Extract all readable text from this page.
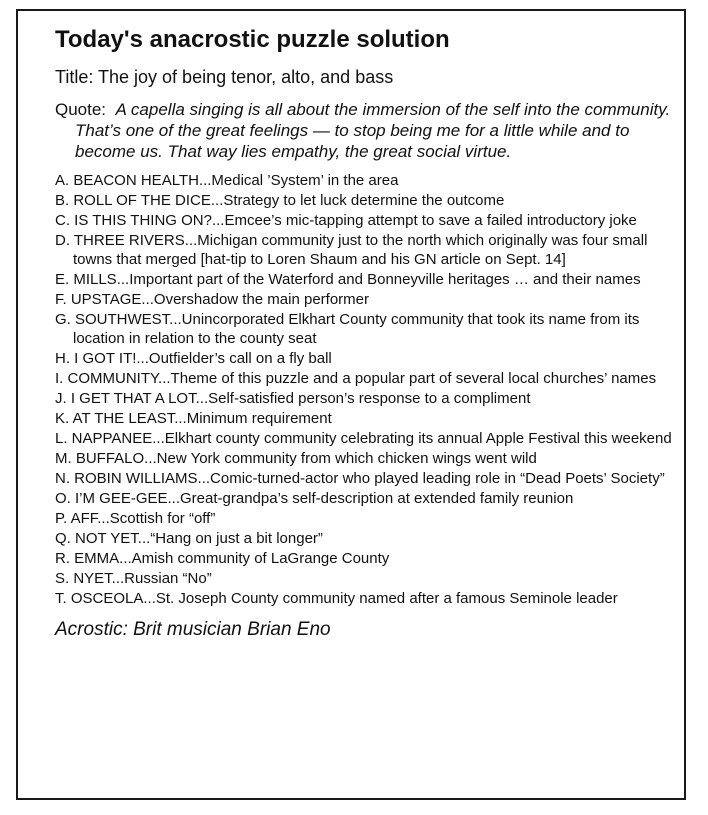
Today's anacrostic puzzle solution
Title: The joy of being tenor, alto, and bass
Quote: A capella singing is all about the immersion of the self into the community. That’s one of the great feelings — to stop being me for a little while and to become us. That way lies empathy, the great social virtue.
A. BEACON HEALTH...Medical ’System’ in the area
B. ROLL OF THE DICE...Strategy to let luck determine the outcome
C. IS THIS THING ON?...Emcee’s mic-tapping attempt to save a failed introductory joke
D. THREE RIVERS...Michigan community just to the north which originally was four small towns that merged [hat-tip to Loren Shaum and his GN article on Sept. 14]
E. MILLS...Important part of the Waterford and Bonneyville heritages … and their names
F. UPSTAGE...Overshadow the main performer
G. SOUTHWEST...Unincorporated Elkhart County community that took its name from its location in relation to the county seat
H. I GOT IT!...Outfielder’s call on a fly ball
I. COMMUNITY...Theme of this puzzle and a popular part of several local churches’ names
J. I GET THAT A LOT...Self-satisfied person’s response to a compliment
K. AT THE LEAST...Minimum requirement
L. NAPPANEE...Elkhart county community celebrating its annual Apple Festival this weekend
M. BUFFALO...New York community from which chicken wings went wild
N. ROBIN WILLIAMS...Comic-turned-actor who played leading role in “Dead Poets’ Society”
O. I’M GEE-GEE...Great-grandpa’s self-description at extended family reunion
P. AFF...Scottish for “off”
Q. NOT YET...“Hang on just a bit longer”
R. EMMA...Amish community of LaGrange County
S. NYET...Russian “No”
T. OSCEOLA...St. Joseph County community named after a famous Seminole leader
Acrostic: Brit musician Brian Eno
